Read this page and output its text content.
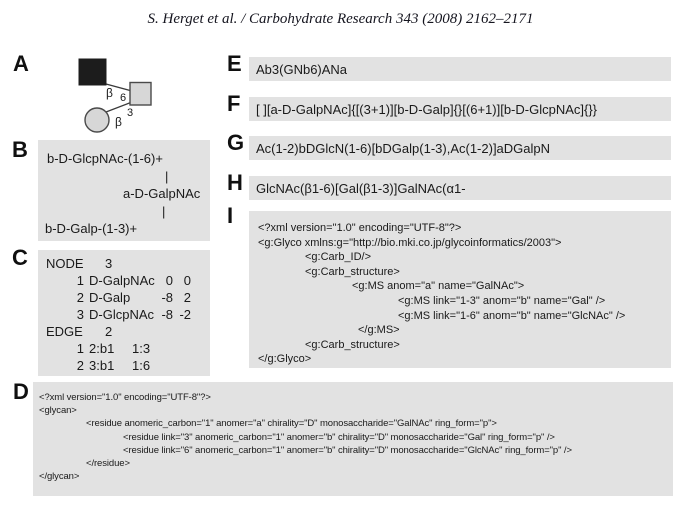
S. Herget et al. / Carbohydrate Research 343 (2008) 2162–2171
A
β 6
β
3
B	b-D-GlcpNAc-(1-6)+
|
a-D-GalpNAc
|
b-D-Galp-(1-3)+
C NODE	3
1 D-GalpNAc 0 0
2 D-Galp	-8 2
3 D-GlcpNAc -8 -2
EDGE	2
1 2:b1	1:3
2 3:b1	1:6
D <?xml version="1.0" encoding="UTF-8"?>
<glycan>
<residue anomeric_carbon="1" anomer="a" chirality="D" monosaccharide="GalNAc" ring_form="p">
<residue link="3" anomeric_carbon="1" anomer="b" chirality="D" monosaccharide="Gal" ring_form="p" />
<residue link="6" anomeric_carbon="1" anomer="b" chirality="D" monosaccharide="GlcNAc" ring_form="p" />
</residue>
</glycan>
E Ab3(GNb6)ANa
F [ ][a-D-GalpNAc]{[(3+1)][b-D-Galp]{}[(6+1)][b-D-GlcpNAc]{}}
G Ac(1-2)bDGlcN(1-6)[bDGalp(1-3),Ac(1-2)]aDGalpN
H GlcNAc(β1-6)[Gal(β1-3)]GalNAc(α1-
I <?xml version="1.0" encoding="UTF-8"?>
<g:Glyco xmlns:g="http://bio.mki.co.jp/glycoinformatics/2003">
<g:Carb_ID/>
<g:Carb_structure>
<g:MS anom="a" name="GalNAc">
<g:MS link="1-3" anom="b" name="Gal" />
<g:MS link="1-6" anom="b" name="GlcNAc" />
</g:MS>
<g:Carb_structure>
</g:Glyco>
